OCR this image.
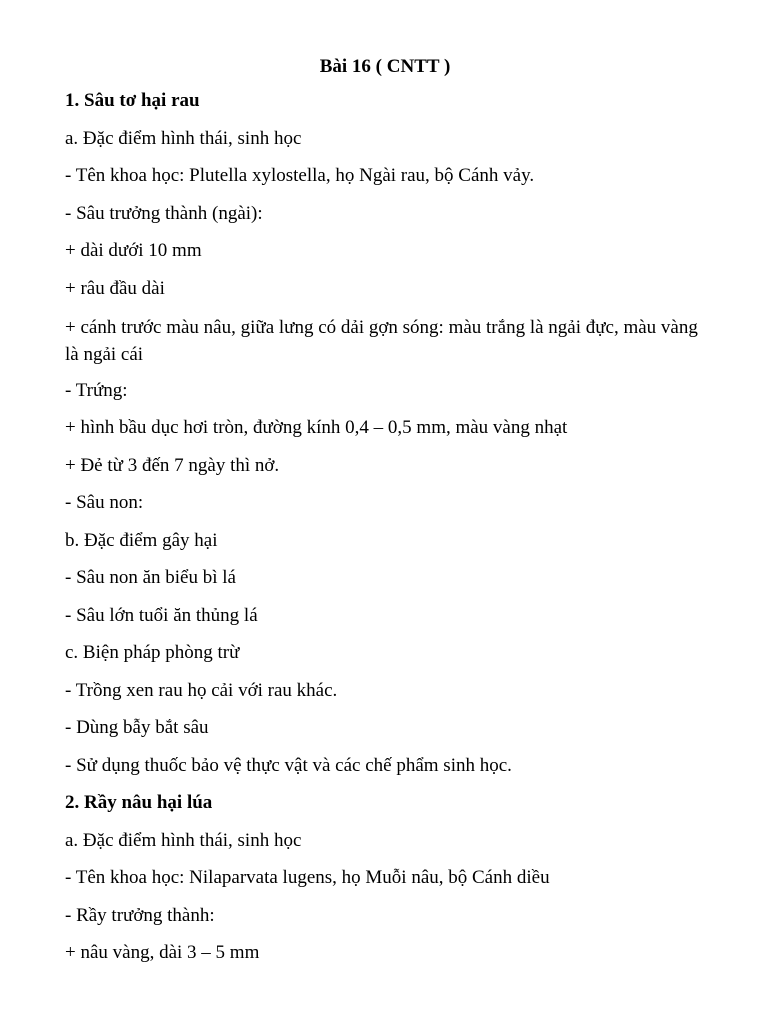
Bài 16 ( CNTT )
1. Sâu tơ hại rau
a. Đặc điểm hình thái, sinh học
- Tên khoa học: Plutella xylostella, họ Ngài rau, bộ Cánh vảy.
- Sâu trưởng thành (ngài):
+ dài dưới 10 mm
+ râu đầu dài
+ cánh trước màu nâu, giữa lưng có dải gợn sóng: màu trắng là ngải đực, màu vàng là ngải cái
- Trứng:
+ hình bầu dục hơi tròn, đường kính 0,4 – 0,5 mm, màu vàng nhạt
+ Đẻ từ 3 đến 7 ngày thì nở.
- Sâu non:
b. Đặc điểm gây hại
- Sâu non ăn biểu bì lá
- Sâu lớn tuổi ăn thủng lá
c. Biện pháp phòng trừ
- Trồng xen rau họ cải với rau khác.
- Dùng bẫy bắt sâu
- Sử dụng thuốc bảo vệ thực vật và các chế phẩm sinh học.
2. Rầy nâu hại lúa
a. Đặc điểm hình thái, sinh học
- Tên khoa học: Nilaparvata lugens, họ Muỗi nâu, bộ Cánh diều
- Rầy trưởng thành:
+ nâu vàng, dài 3 – 5 mm
